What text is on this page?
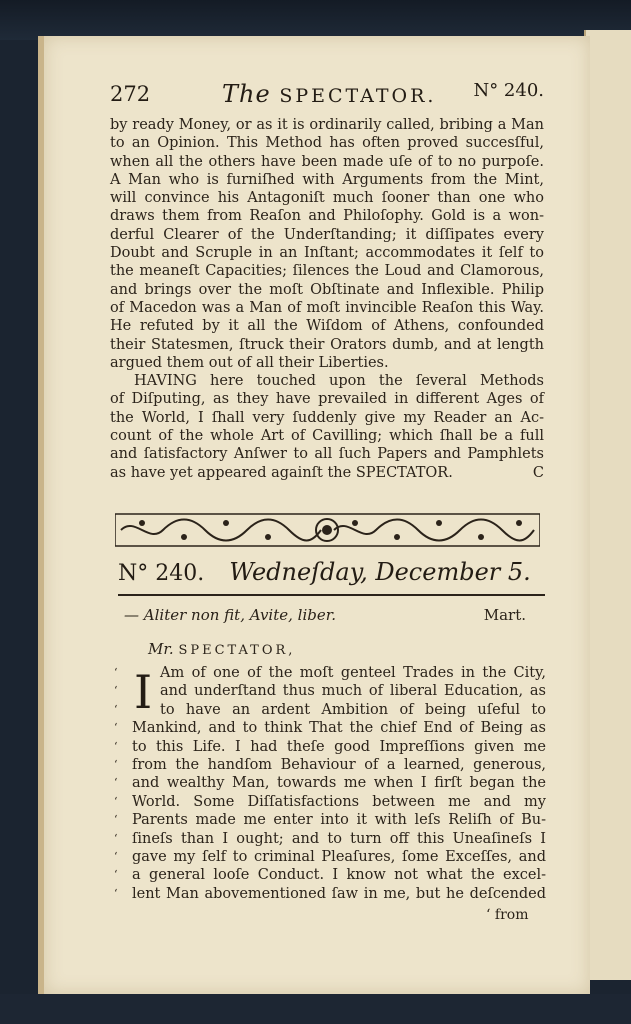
272	The SPECTATOR. N° 240.
by ready Money, or as it is ordinarily called, bribing a Man
to an Opinion. This Method has often proved succesſful,
when all the others have been made uſe of to no purpoſe.
A Man who is furniſhed with Arguments from the Mint,
will convince his Antagoniſt much ſooner than one who
draws them from Reaſon and Philoſophy. Gold is a won-
derful Clearer of the Underſtanding; it diſſipates every
Doubt and Scruple in an Inſtant; accommodates it ſelf to
the meaneſt Capacities; ſilences the Loud and Clamorous,
and brings over the moſt Obſtinate and Inflexible. Philip
of Macedon was a Man of moſt invincible Reaſon this Way.
He refuted by it all the Wiſdom of Athens, confounded
their Statesmen, ſtruck their Orators dumb, and at length
argued them out of all their Liberties.
HAVING here touched upon the ſeveral Methods
of Diſputing, as they have prevailed in different Ages of
the World, I ſhall very ſuddenly give my Reader an Ac-
count of the whole Art of Cavilling; which ſhall be a full
and ſatisfactory Anſwer to all ſuch Papers and Pamphlets
as have yet appeared againſt the SPECTATOR.	C
N° 240. Wedneſday, December 5.
— Aliter non fit, Avite, liber.	Mart.
Mr. SPECTATOR,
‘
‘
‘
‘
‘
‘
‘
‘
‘
‘
‘
‘
‘
I Am of one of the moſt genteel Trades in the City,
and underſtand thus much of liberal Education, as
to have an ardent Ambition of being uſeful to
Mankind, and to think That the chief End of Being as
to this Life. I had theſe good Impreſſions given me
from the handſom Behaviour of a learned, generous,
and wealthy Man, towards me when I firſt began the
World. Some Diſſatisfactions between me and my
Parents made me enter into it with leſs Reliſh of Bu-
ſineſs than I ought; and to turn off this Uneaſineſs I
gave my ſelf to criminal Pleaſures, ſome Exceſſes, and
a general looſe Conduct. I know not what the excel-
lent Man abovementioned ſaw in me, but he deſcended
‘ from
